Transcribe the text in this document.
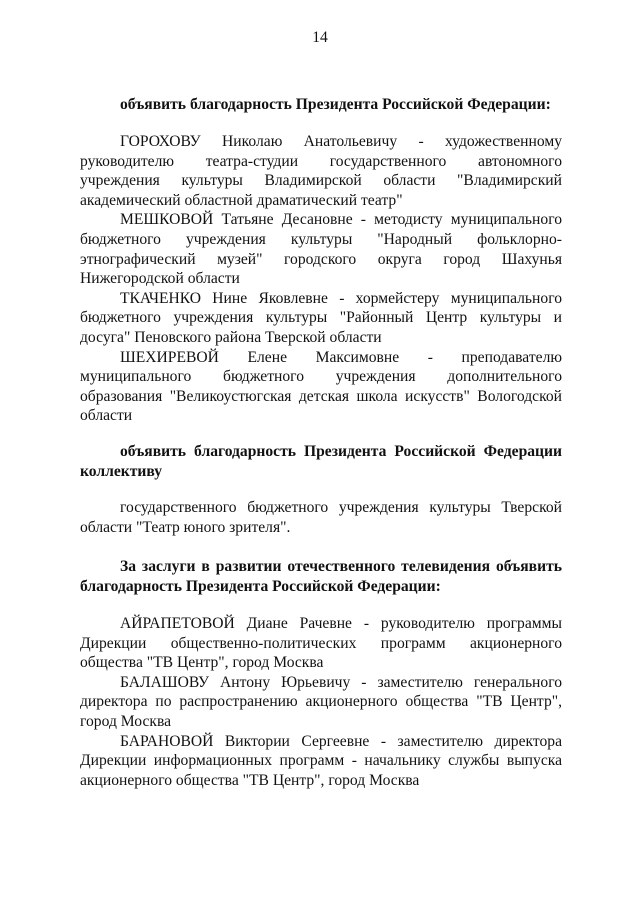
14
объявить благодарность Президента Российской Федерации:

ГОРОХОВУ Николаю Анатольевичу - художественному руководителю театра-студии государственного автономного учреждения культуры Владимирской области "Владимирский академический областной драматический театр"

МЕШКОВОЙ Татьяне Десановне - методисту муниципального бюджетного учреждения культуры "Народный фольклорно-этнографический музей" городского округа город Шахунья Нижегородской области

ТКАЧЕНКО Нине Яковлевне - хормейстеру муниципального бюджетного учреждения культуры "Районный Центр культуры и досуга" Пеновского района Тверской области

ШЕХИРЕВОЙ Елене Максимовне - преподавателю муниципального бюджетного учреждения дополнительного образования "Великоустюгская детская школа искусств" Вологодской области

объявить благодарность Президента Российской Федерации коллективу

государственного бюджетного учреждения культуры Тверской области "Театр юного зрителя".

За заслуги в развитии отечественного телевидения объявить благодарность Президента Российской Федерации:

АЙРАПЕТОВОЙ Диане Рачевне - руководителю программы Дирекции общественно-политических программ акционерного общества "ТВ Центр", город Москва

БАЛАШОВУ Антону Юрьевичу - заместителю генерального директора по распространению акционерного общества "ТВ Центр", город Москва

БАРАНОВОЙ Виктории Сергеевне - заместителю директора Дирекции информационных программ - начальнику службы выпуска акционерного общества "ТВ Центр", город Москва
